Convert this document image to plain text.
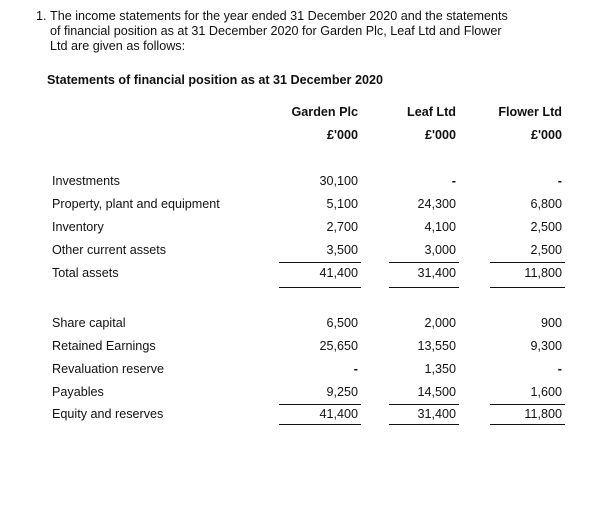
1. The income statements for the year ended 31 December 2020 and the statements
of financial position as at 31 December 2020 for Garden Plc, Leaf Ltd and Flower
Ltd are given as follows:
Statements of financial position as at 31 December 2020
Garden Plc	Leaf Ltd	Flower Ltd
£'000	£'000	£'000
Investments	30,100	-	-
Property, plant and equipment	5,100	24,300	6,800
Inventory	2,700	4,100	2,500
Other current assets	3,500	3,000	2,500
Total assets	41,400	31,400	11,800
Share capital	6,500	2,000	900
Retained Earnings	25,650	13,550	9,300
Revaluation reserve	-	1,350	-
Payables	9,250	14,500	1,600
Equity and reserves	41,400	31,400	11,800
